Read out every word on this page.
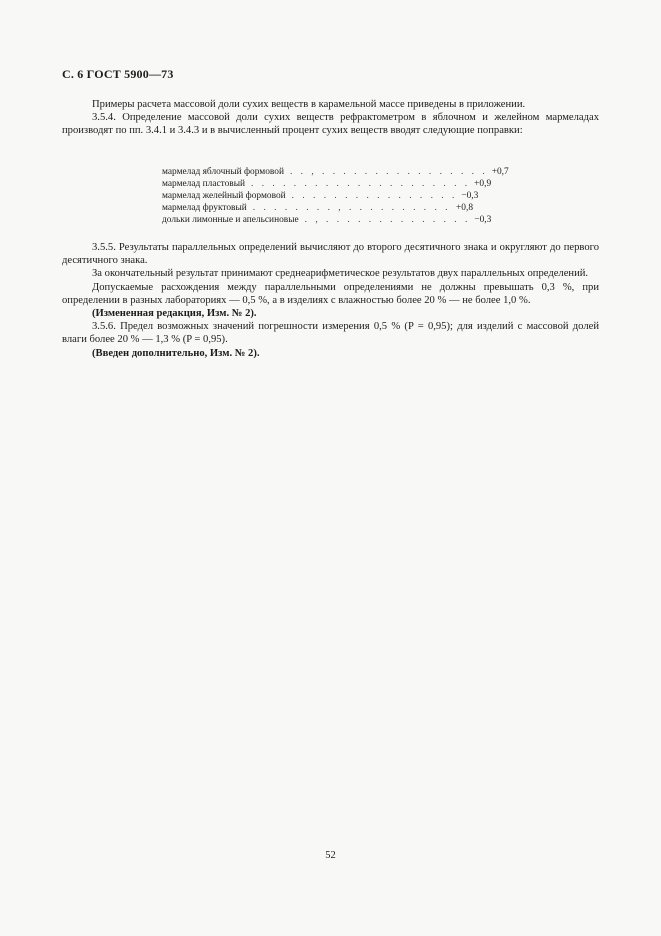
С. 6 ГОСТ 5900—73

Примеры расчета массовой доли сухих веществ в карамельной массе приведены в приложении.

3.5.4. Определение массовой доли сухих веществ рефрактометром в яблочном и желейном мармеладах производят по пп. 3.4.1 и 3.4.3 и в вычисленный процент сухих веществ вводят следующие поправки:

мармелад яблочный формовой . . , . . . . . . . . . . . . . . . . +0,7
мармелад пластовый . . . . . . . . . . . . . . . . . . . . . +0,9
мармелад желейный формовой . . . . . . . . . . . . . . . . −0,3
мармелад фруктовый . . . . . . . . , . . . . . . . . . . +0,8
дольки лимонные и апельсиновые . , . . . . . . . . . . . . . . −0,3

3.5.5. Результаты параллельных определений вычисляют до второго десятичного знака и округляют до первого десятичного знака.

За окончательный результат принимают среднеарифметическое результатов двух параллельных определений.

Допускаемые расхождения между параллельными определениями не должны превышать 0,3 %, при определении в разных лабораториях — 0,5 %, а в изделиях с влажностью более 20 % — не более 1,0 %.

(Измененная редакция, Изм. № 2).

3.5.6. Предел возможных значений погрешности измерения 0,5 % (P = 0,95); для изделий с массовой долей влаги более 20 % — 1,3 % (P = 0,95).

(Введен дополнительно, Изм. № 2).

52
